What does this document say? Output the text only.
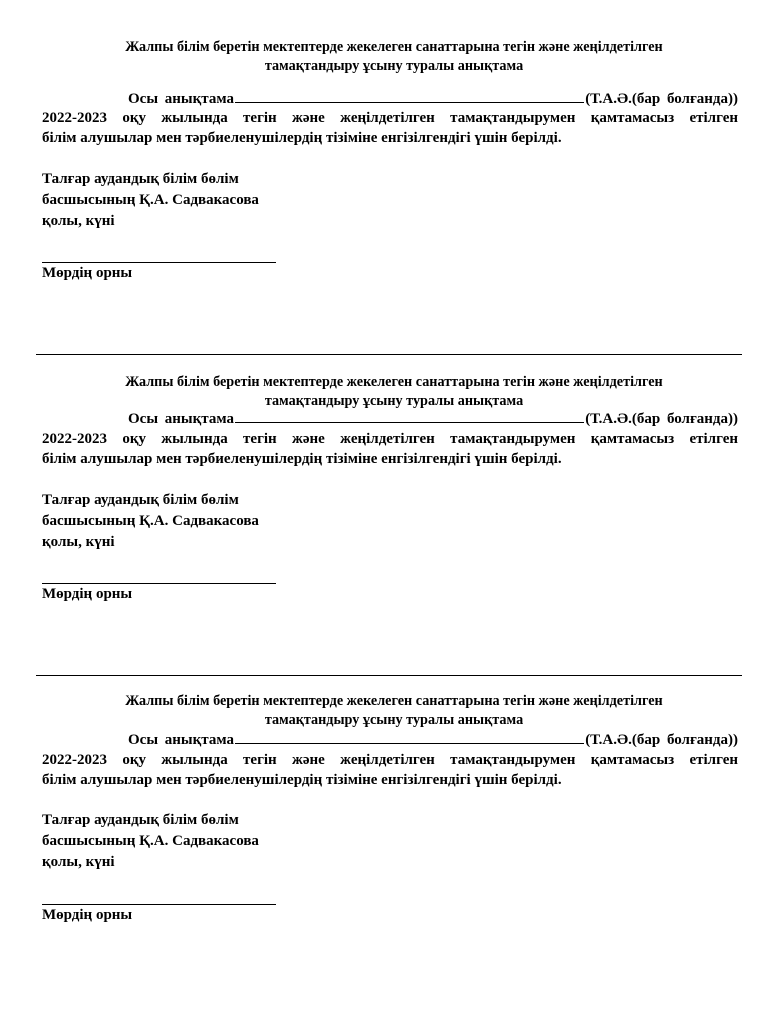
Жалпы білім беретін мектептерде жекелеген санаттарына тегін және жеңілдетілген
тамақтандыру ұсыну туралы анықтама
Осы анықтама	(Т.А.Ә.(бар болғанда))
2022-2023 оқу жылында тегін және жеңілдетілген тамақтандырумен қамтамасыз етілген
білім алушылар мен тәрбиеленушілердің тізіміне енгізілгендігі үшін берілді.
Талғар аудандық білім бөлім
басшысының Қ.А. Садвакасова
қолы, күні
Мөрдің орны
Жалпы білім беретін мектептерде жекелеген санаттарына тегін және жеңілдетілген
тамақтандыру ұсыну туралы анықтама
Осы анықтама	(Т.А.Ә.(бар болғанда))
2022-2023 оқу жылында тегін және жеңілдетілген тамақтандырумен қамтамасыз етілген
білім алушылар мен тәрбиеленушілердің тізіміне енгізілгендігі үшін берілді.
Талғар аудандық білім бөлім
басшысының Қ.А. Садвакасова
қолы, күні
Мөрдің орны
Жалпы білім беретін мектептерде жекелеген санаттарына тегін және жеңілдетілген
тамақтандыру ұсыну туралы анықтама
Осы анықтама	(Т.А.Ә.(бар болғанда))
2022-2023 оқу жылында тегін және жеңілдетілген тамақтандырумен қамтамасыз етілген
білім алушылар мен тәрбиеленушілердің тізіміне енгізілгендігі үшін берілді.
Талғар аудандық білім бөлім
басшысының Қ.А. Садвакасова
қолы, күні
Мөрдің орны
